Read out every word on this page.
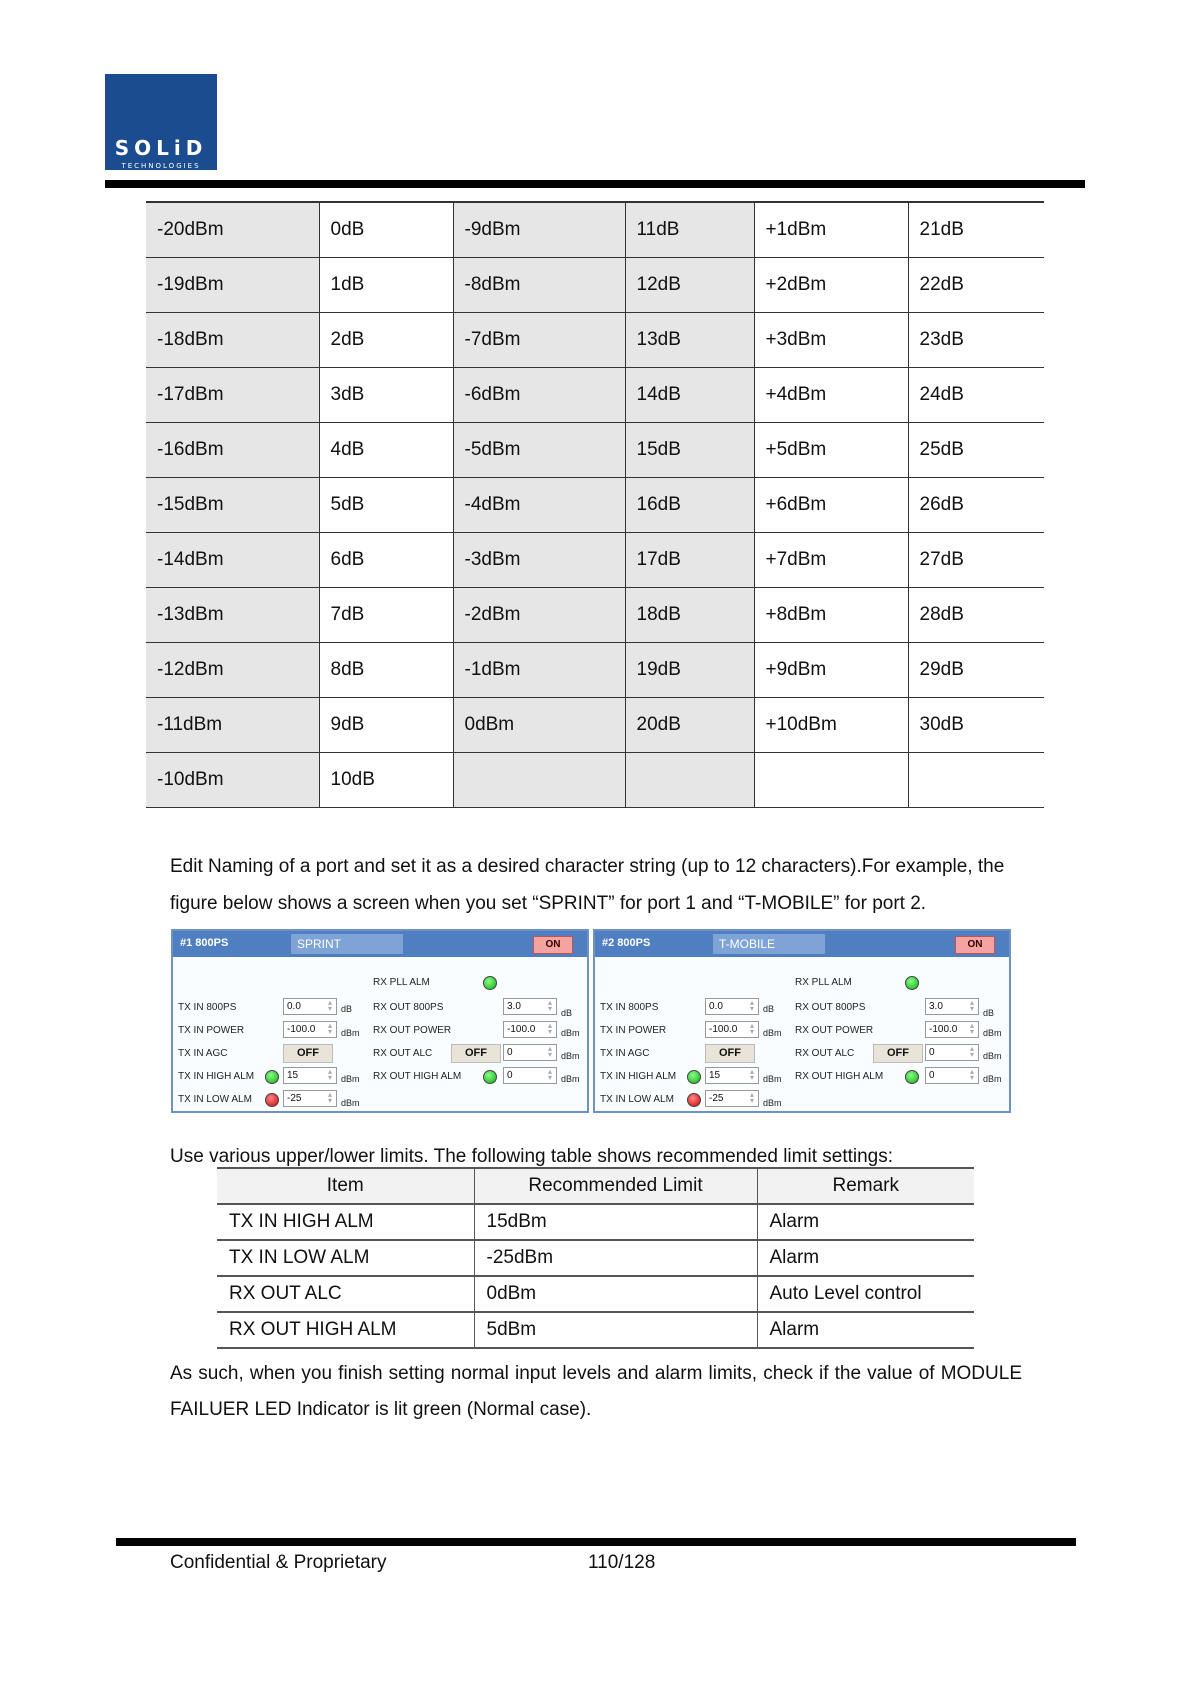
SOLiD
TECHNOLOGIES
-20dBm	0dB	-9dBm	11dB	+1dBm	21dB
-19dBm	1dB	-8dBm	12dB	+2dBm	22dB
-18dBm	2dB	-7dBm	13dB	+3dBm	23dB
-17dBm	3dB	-6dBm	14dB	+4dBm	24dB
-16dBm	4dB	-5dBm	15dB	+5dBm	25dB
-15dBm	5dB	-4dBm	16dB	+6dBm	26dB
-14dBm	6dB	-3dBm	17dB	+7dBm	27dB
-13dBm	7dB	-2dBm	18dB	+8dBm	28dB
-12dBm	8dB	-1dBm	19dB	+9dBm	29dB
-11dBm	9dB	0dBm	20dB	+10dBm	30dB
-10dBm	10dB				
Edit Naming of a port and set it as a desired character string (up to 12 characters).For example, the figure below shows a screen when you set “SPRINT” for port 1 and “T-MOBILE” for port 2.
#1 800PS	SPRINT	ON
RX PLL ALM
TX IN 800PS	0.0	▴
▾	dB RX OUT 800PS	3.0	▴
▾	dB
TX IN POWER	-100.0	▴
▾	dBm RX OUT POWER	-100.0	▴
▾	dBm
TX IN AGC	OFF	RX OUT ALC	OFF	0	▴
▾	dBm
TX IN HIGH ALM	15	▴
▾	dBm RX OUT HIGH ALM	0	▴
▾	dBm
TX IN LOW ALM	-25	▴
▾	dBm
#2 800PS	T-MOBILE	ON
RX PLL ALM
TX IN 800PS	0.0	▴
▾	dB RX OUT 800PS	3.0	▴
▾	dB
TX IN POWER	-100.0	▴
▾	dBm RX OUT POWER	-100.0	▴
▾	dBm
TX IN AGC	OFF	RX OUT ALC	OFF	0	▴
▾	dBm
TX IN HIGH ALM	15	▴
▾	dBm RX OUT HIGH ALM	0	▴
▾	dBm
TX IN LOW ALM	-25	▴
▾	dBm
Use various upper/lower limits. The following table shows recommended limit settings:
Item	Recommended Limit	Remark
TX IN HIGH ALM	15dBm	Alarm
TX IN LOW ALM	-25dBm	Alarm
RX OUT ALC	0dBm	Auto Level control
RX OUT HIGH ALM	5dBm	Alarm
As such, when you finish setting normal input levels and alarm limits, check if the value of MODULE FAILUER LED Indicator is lit green (Normal case).
Confidential & Proprietary	110/128
